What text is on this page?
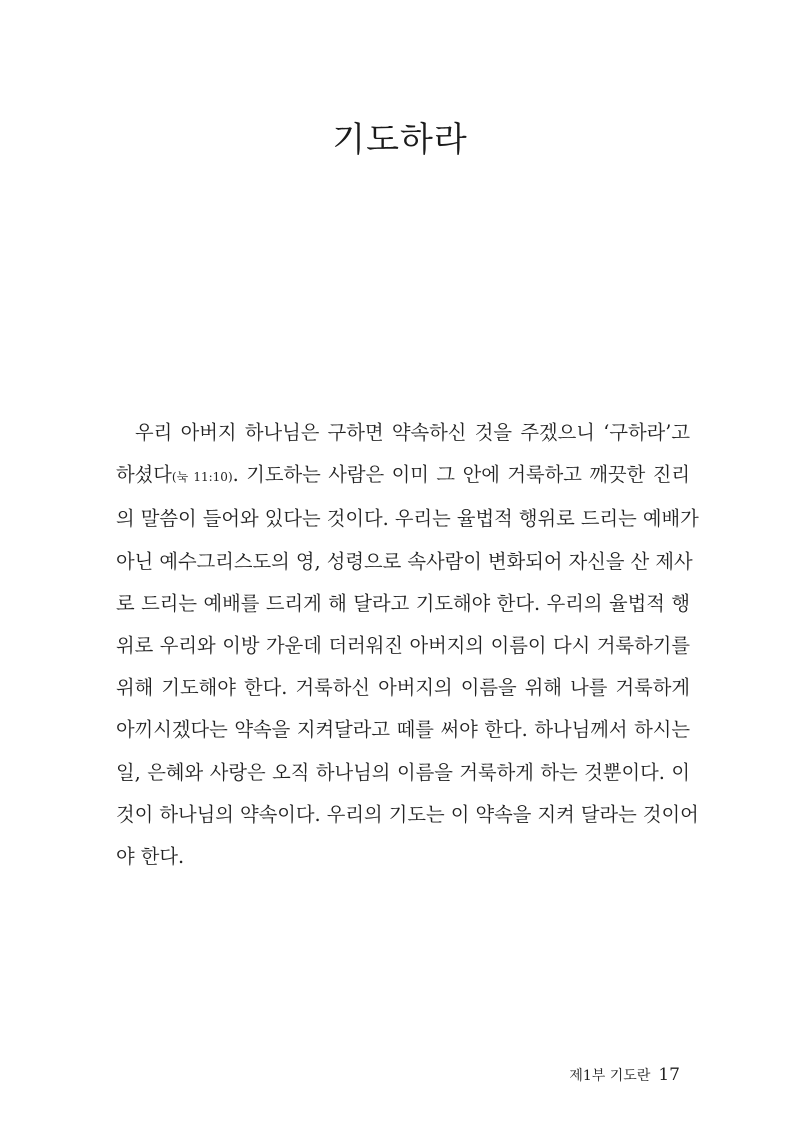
기도하라
우리 아버지 하나님은 구하면 약속하신 것을 주겠으니 ‘구하라’고
하셨다(눅 11:10). 기도하는 사람은 이미 그 안에 거룩하고 깨끗한 진리
의 말씀이 들어와 있다는 것이다. 우리는 율법적 행위로 드리는 예배가
아닌 예수그리스도의 영, 성령으로 속사람이 변화되어 자신을 산 제사
로 드리는 예배를 드리게 해 달라고 기도해야 한다. 우리의 율법적 행
위로 우리와 이방 가운데 더러워진 아버지의 이름이 다시 거룩하기를
위해 기도해야 한다. 거룩하신 아버지의 이름을 위해 나를 거룩하게
아끼시겠다는 약속을 지켜달라고 떼를 써야 한다. 하나님께서 하시는
일, 은혜와 사랑은 오직 하나님의 이름을 거룩하게 하는 것뿐이다. 이
것이 하나님의 약속이다. 우리의 기도는 이 약속을 지켜 달라는 것이어
야 한다.
제1부 기도란 17
